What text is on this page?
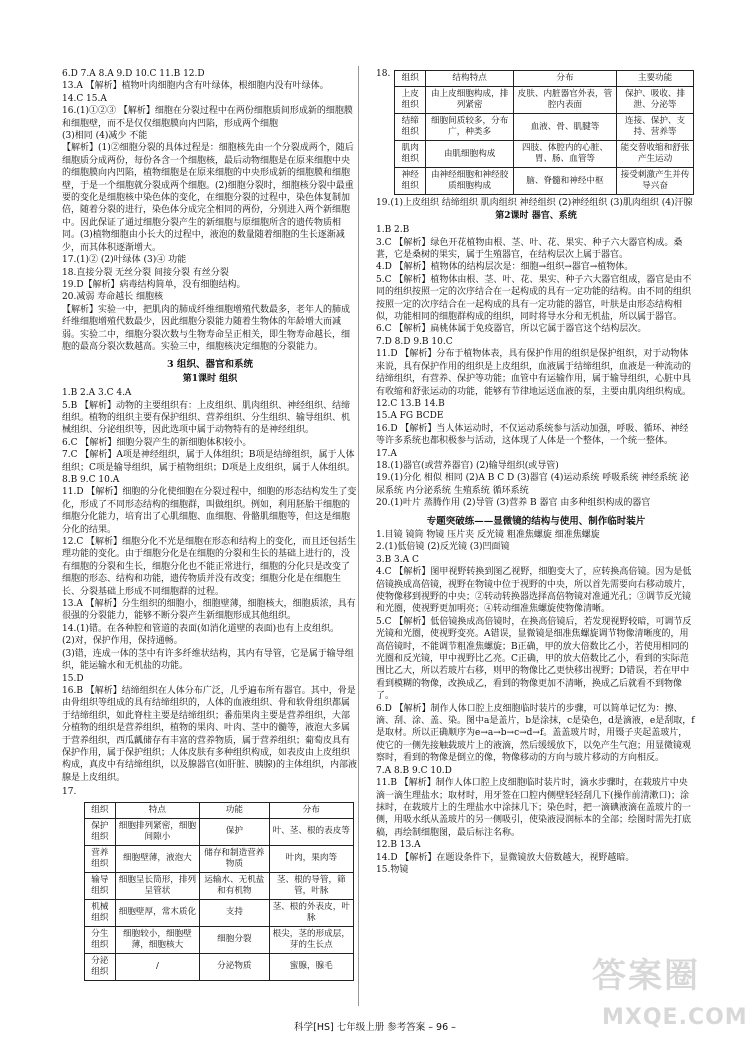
6.D 7.A 8.A 9.D 10.C 11.B 12.D

13.A 【解析】植物叶肉细胞内含有叶绿体，根细胞内没有叶绿体。

14.C 15.A

16.(1)①②③ 【解析】细胞在分裂过程中在两份细胞质间形成新的细胞膜和细胞壁，而不是仅仅细胞膜向内凹陷，形成两个细胞

(3)相同 (4)减少 不能

【解析】(1)②细胞分裂的具体过程是：细胞核先由一个分裂成两个，随后细胞质分成两份，每份各含一个细胞核，最后动物细胞是在原来细胞中央的细胞膜向内凹陷，植物细胞是在原来细胞的中央形成新的细胞膜和细胞壁，于是一个细胞就分裂成两个细胞。(2)细胞分裂时，细胞核分裂中最重要的变化是细胞核中染色体的变化，在细胞分裂的过程中，染色体复制加倍，随着分裂的进行，染色体分成完全相同的两份，分别进入两个新细胞中。因此保证了通过细胞分裂产生的新细胞与原细胞所含的遗传物质相同。(3)植物细胞由小长大的过程中，液泡的数量随着细胞的生长逐渐减少，而其体积逐渐增大。

17.(1)② (2)叶绿体 (3)④ 功能

18.直接分裂 无丝分裂 间接分裂 有丝分裂

19.D【解析】病毒结构简单，没有细胞结构。

20.减弱 寿命越长 细胞核

【解析】实验一中，把肌肉的肺成纤维细胞增殖代数最多，老年人的肺成纤维细胞增殖代数最少，因此细胞分裂能力随着生物体的年龄增大而减弱。实验二中，细胞分裂次数与生物寿命呈正相关，即生物寿命越长，细胞的最高分裂次数越高。实验三中，细胞核决定细胞的分裂能力。

3 组织、器官和系统
第1课时 组织

1.B 2.A 3.C 4.A

5.B 【解析】动物的主要组织有：上皮组织、肌肉组织、神经组织、结缔组织。植物的组织主要有保护组织、营养组织、分生组织、输导组织、机械组织、分泌组织等，因此选项中属于动物特有的是神经组织。

6.C 【解析】细胞分裂产生的新细胞体积较小。

7.C 【解析】A项是神经组织，属于人体组织；B项是结缔组织，属于人体组织；C项是输导组织，属于植物组织；D项是上皮组织，属于人体组织。

8.B 9.C 10.A

11.D 【解析】细胞的分化使细胞在分裂过程中，细胞的形态结构发生了变化，形成了不同形态结构的细胞群，叫做组织。例如，利用胚胎干细胞的细胞分化能力，培育出了心肌细胞、血细胞、骨骼肌细胞等，但这是细胞分化的结果。

12.C 【解析】细胞分化不光是细胞在形态和结构上的变化，而且还包括生理功能的变化。由于细胞分化是在细胞的分裂和生长的基础上进行的，没有细胞的分裂和生长，细胞分化也不能正常进行，细胞的分化只是改变了细胞的形态、结构和功能，遗传物质并没有改变；细胞分化是在细胞生长、分裂基础上形成不同细胞群的过程。

13.A 【解析】分生组织的细胞小，细胞壁薄，细胞核大，细胞质浓，具有很强的分裂能力，能够不断分裂产生新细胞形成其他组织。

14.(1)错。在各种腔和管道的表面(如消化道壁的表面)也有上皮组织。

(2)对，保护作用，保持通畅。

(3)错，连成一体的茎中有许多纤维状结构，其内有导管，它是属于输导组织，能运输水和无机盐的功能。

15.D

16.B 【解析】结缔组织在人体分布广泛，几乎遍布所有器官。其中，骨是由骨组织等组成的具有结缔组织的，人体的血液组织、骨和软骨组织都属于结缔组织，如此脊柱主要是结缔组织；番茄果肉主要是营养组织，大部分植物的组织是营养组织，植物的果肉、叶肉、茎中的髓等，液泡大多属于营养组织，西瓜瓤储存有丰富的营养物质，属于营养组织；葡萄皮具有保护作用，属于保护组织；人体皮肤有多种组织构成，如表皮由上皮组织构成，真皮中有结缔组织，以及腺器官(如肝脏、胰腺)的主体组织，内部液腺是上皮组织。

17.
组织	特点	功能	分布
保护组织	细胞排列紧密，细胞间隙小	保护	叶、茎、根的表皮等
营养组织	细胞壁薄，液泡大	储存和制造营养物质	叶肉，果肉等
输导组织	细胞呈长筒形，排列呈管状	运输水、无机盐和有机物	茎、根的导管，筛管，叶脉
机械组织	细胞壁厚，常木质化	支持	茎、根的外表皮，叶脉
分生组织	细胞较小，细胞壁薄，细胞核大	细胞分裂	根尖，茎的形成层，芽的生长点
分泌组织	/	分泌物质	蜜腺，腺毛
18.	组织	结构特点	分布	主要功能
上皮组织	由上皮细胞构成，排列紧密	皮肤、内脏器官外表，管腔内表面	保护、吸收、排泄、分泌等
结缔组织	细胞间质较多，分布广，种类多	血液、骨、肌腱等	连接、保护、支持、营养等
肌肉组织	由肌细胞构成	四肢、体腔内的心脏、胃、肠、血管等	能交替收缩和舒张产生运动
神经组织	由神经细胞和神经胶质细胞构成	脑、脊髓和神经中枢	接受刺激产生并传导兴奋

19.(1)上皮组织 结缔组织 肌肉组织 神经组织 (2)神经组织 (3)肌肉组织 (4)汗腺

第2课时 器官、系统

1.B 2.B

3.C 【解析】绿色开花植物由根、茎、叶、花、果实、种子六大器官构成。桑葚，它是桑树的果实，属于生殖器官，在结构层次上属于器官。

4.D 【解析】植物体的结构层次是：细胞→组织→器官→植物体。

5.C 【解析】植物体由根、茎、叶、花、果实、种子六大器官组成，器官是由不同的组织按照一定的次序结合在一起构成的具有一定功能的结构。由不同的组织按照一定的次序结合在一起构成的具有一定功能的器官，叶肤是由形态结构相似，功能相同的细胞群构成的组织，同时将导水分和无机盐，所以属于器官。

6.C 【解析】扁桃体属于免疫器官，所以它属于器官这个结构层次。

7.D 8.D 9.B 10.C

11.D 【解析】分布于植物体表，具有保护作用的组织是保护组织，对于动物体来说，具有保护作用的组织是上皮组织，血液属于结缔组织，血液是一种流动的结缔组织，有营养、保护等功能；血管中有运输作用，属于输导组织，心脏中具有收缩和舒张运动的功能，能够有节律地运送血液的泵，主要由肌肉组织构成。

12.C 13.B 14.B

15.A FG BCDE

16.D 【解析】当人体运动时，不仅运动系统参与活动加强，呼吸、循环、神经等许多系统也都积极参与活动，这体现了人体是一个整体，一个统一整体。

17.A

18.(1)器官(或营养器官) (2)输导组织(或导管)

19.(1)分化 相似 相同 (2)A B C D (3)器官 (4)运动系统 呼吸系统 神经系统 泌尿系统 内分泌系统 生殖系统 循环系统

20.(1)叶片 蒸腾作用 (2)导管 (3)营养 B 器官 由多种组织构成的器官

专题突破练——显微镜的结构与使用、制作临时装片

1.目镜 镜筒 物镜 压片夹 反光镜 粗准焦螺旋 细准焦螺旋

2.(1)低倍镜 (2)反光镜 (3)凹面镜

3.B 3.A C

4.C 【解析】图甲视野转换到图乙视野，细胞变大了，应转换高倍镜。因为是低倍镜换成高倍镜，视野在物镜中位于视野的中央，所以首先需要向右移动玻片，使物像移到视野的中央；②转动转换器选择高倍物镜对准通光孔；③调节反光镜和光圈，使视野更加明亮；④转动细准焦螺旋使物像清晰。

5.C 【解析】低倍镜换成高倍镜时，在换高倍镜后，若发现视野较暗，可调节反光镜和光圈，使视野变亮。A错误，显微镜是细准焦螺旋调节物像清晰度的，用高倍镜时，不能调节粗准焦螺旋；B正确，甲的放大倍数比乙小，若使用相同的光圈和反光镜，甲中视野比乙亮。C正确，甲的放大倍数比乙小，看到的实际范围比乙大，所以若玻片右移，则甲的物像比乙更快移出视野；D错误，若在甲中看到模糊的物像，改换成乙，看到的物像更加不清晰，换成乙后就看不到物像了。

6.D 【解析】制作人体口腔上皮细胞临时装片的步骤，可以简单记忆为：擦、滴、刮、涂、盖、染。图中a是盖片，b是涂抹，c是染色，d是滴液，e是刮取，f是取材。所以正确顺序为e→a→b→c→d→f。盖盖玻片时，用镊子夹起盖玻片，使它的一侧先接触载玻片上的液滴，然后缓缓放下，以免产生气泡；用显微镜观察时，看到的物像是倒立的像，物像移动的方向与玻片移动的方向相反。

7.A 8.B 9.C 10.D

11.B 【解析】制作人体口腔上皮细胞临时装片时，滴水步骤时，在载玻片中央滴一滴生理盐水；取材时，用牙签在口腔内侧壁轻轻刮几下(操作前清漱口)；涂抹时，在载玻片上的生理盐水中涂抹几下；染色时，把一滴碘液滴在盖玻片的一侧，用吸水纸从盖玻片的另一侧吸引，使染液浸润标本的全部；绘图时需先打底稿，再绘制细胞图，最后标注名称。

12.B 13.A

14.D 【解析】在题设条件下，显微镜放大倍数越大，视野越暗。

15.物镜

科学[HS] 七年级上册 参考答案 – 96 –
答案圈
MXQE.COM
